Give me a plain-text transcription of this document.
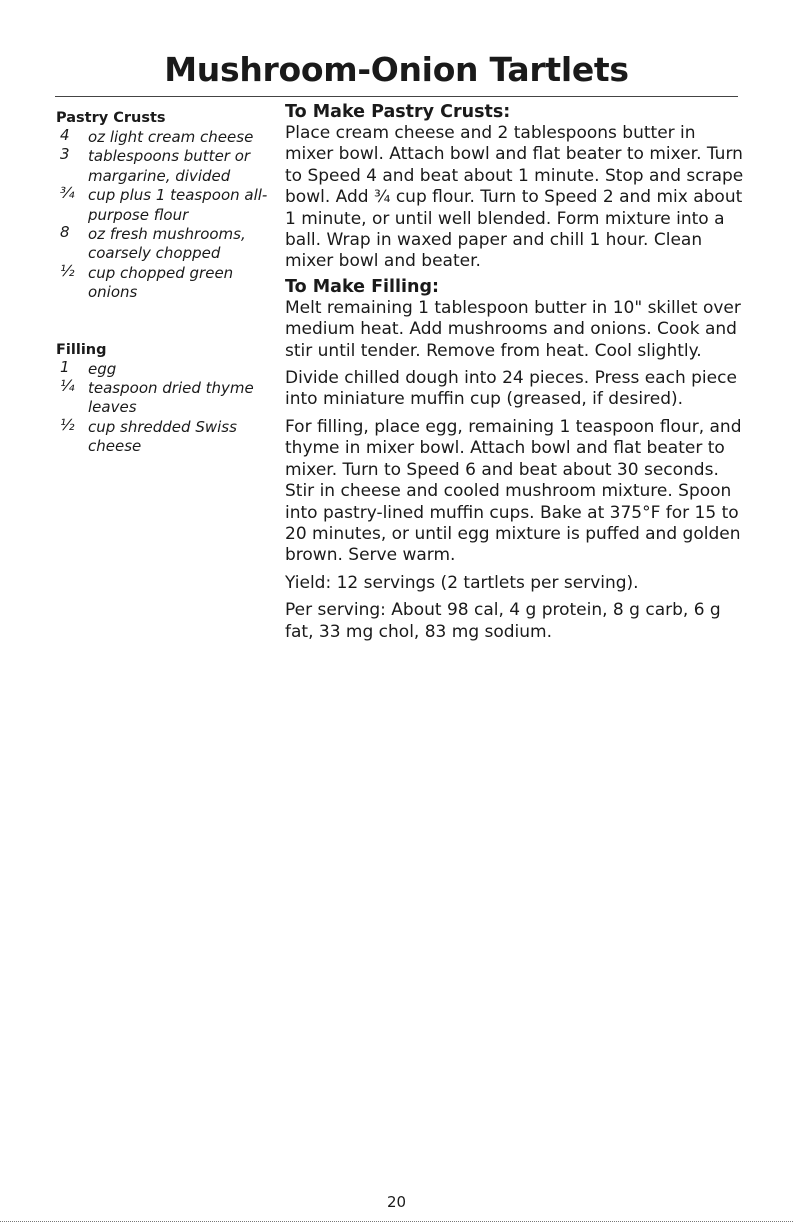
Mushroom-Onion Tartlets

Pastry Crusts

4	oz light cream cheese
3	tablespoons butter or margarine, divided
¾ cup plus 1 teaspoon all-purpose flour
8	oz fresh mushrooms, coarsely chopped
½ cup chopped green onions

Filling

1	egg
¼ teaspoon dried thyme leaves
½ cup shredded Swiss cheese

To Make Pastry Crusts:

Place cream cheese and 2 tablespoons butter in mixer bowl. Attach bowl and flat beater to mixer. Turn to Speed 4 and beat about 1 minute. Stop and scrape bowl. Add ¾ cup flour. Turn to Speed 2 and mix about 1 minute, or until well blended. Form mixture into a ball. Wrap in waxed paper and chill 1 hour. Clean mixer bowl and beater.

To Make Filling:

Melt remaining 1 tablespoon butter in 10" skillet over medium heat. Add mushrooms and onions. Cook and stir until tender. Remove from heat. Cool slightly.

Divide chilled dough into 24 pieces. Press each piece into miniature muffin cup (greased, if desired).

For filling, place egg, remaining 1 teaspoon flour, and thyme in mixer bowl. Attach bowl and flat beater to mixer. Turn to Speed 6 and beat about 30 seconds. Stir in cheese and cooled mushroom mixture. Spoon into pastry-lined muffin cups. Bake at 375°F for 15 to 20 minutes, or until egg mixture is puffed and golden brown. Serve warm.

Yield: 12 servings (2 tartlets per serving).

Per serving: About 98 cal, 4 g protein, 8 g carb, 6 g fat, 33 mg chol, 83 mg sodium.

20
